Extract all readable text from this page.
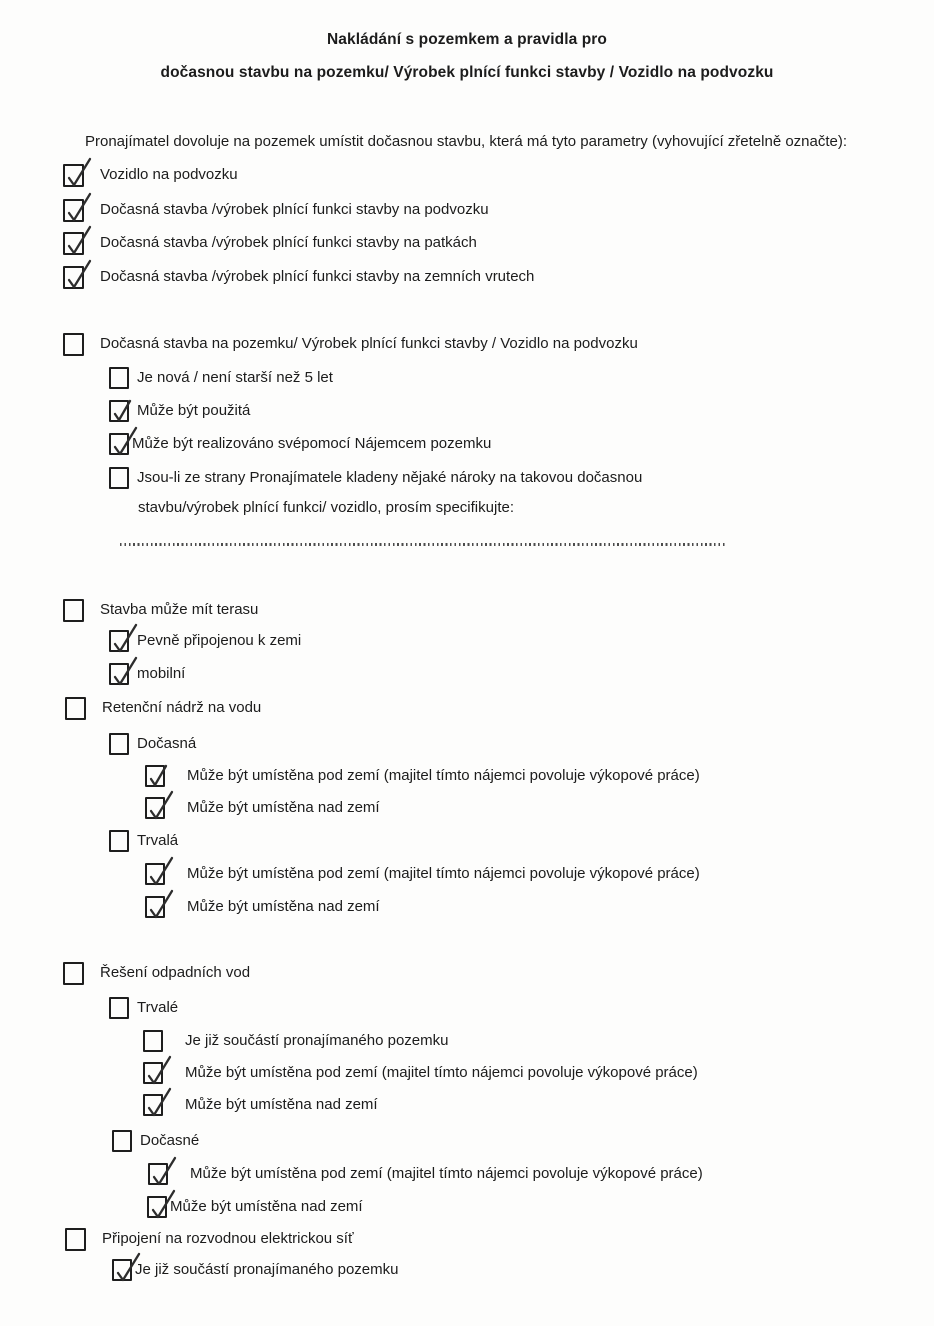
Nakládání s pozemkem a pravidla pro
dočasnou stavbu na pozemku/ Výrobek plnící funkci stavby / Vozidlo na podvozku
Pronajímatel dovoluje na pozemek umístit dočasnou stavbu, která má tyto parametry (vyhovující zřetelně označte):
Vozidlo na podvozku
Dočasná stavba /výrobek plnící funkci stavby na podvozku
Dočasná stavba /výrobek plnící funkci stavby na patkách
Dočasná stavba /výrobek plnící funkci stavby na zemních vrutech
Dočasná stavba na pozemku/ Výrobek plnící funkci stavby / Vozidlo na podvozku
Je nová / není starší než 5 let
Může být použitá
Může být realizováno svépomocí Nájemcem pozemku
Jsou-li ze strany Pronajímatele kladeny nějaké nároky na takovou dočasnou
stavbu/výrobek plnící funkci/ vozidlo, prosím specifikujte:
Stavba může mít terasu
Pevně připojenou k zemi
mobilní
Retenční nádrž na vodu
Dočasná
Může být umístěna pod zemí (majitel tímto nájemci povoluje výkopové práce)
Může být umístěna nad zemí
Trvalá
Může být umístěna pod zemí (majitel tímto nájemci povoluje výkopové práce)
Může být umístěna nad zemí
Řešení odpadních vod
Trvalé
Je již součástí pronajímaného pozemku
Může být umístěna pod zemí (majitel tímto nájemci povoluje výkopové práce)
Může být umístěna nad zemí
Dočasné
Může být umístěna pod zemí (majitel tímto nájemci povoluje výkopové práce)
Může být umístěna nad zemí
Připojení na rozvodnou elektrickou síť
Je již součástí pronajímaného pozemku
